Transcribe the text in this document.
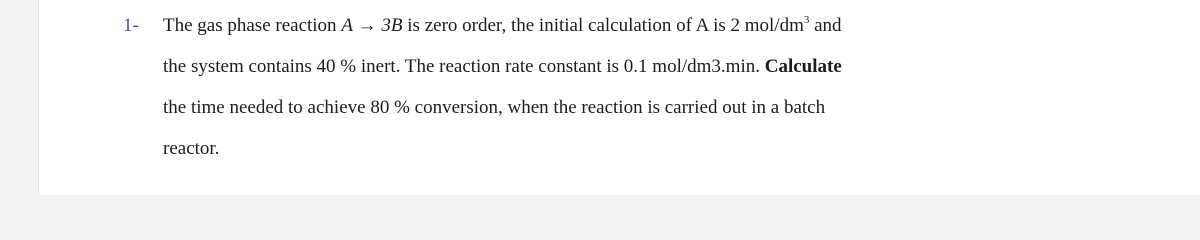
1- The gas phase reaction A → 3B is zero order, the initial calculation of A is 2 mol/$dm^3$ and
the system contains 40 % inert. The reaction rate constant is 0.1 mol/dm3.min. Calculate
the time needed to achieve 80 % conversion, when the reaction is carried out in a batch
reactor.
